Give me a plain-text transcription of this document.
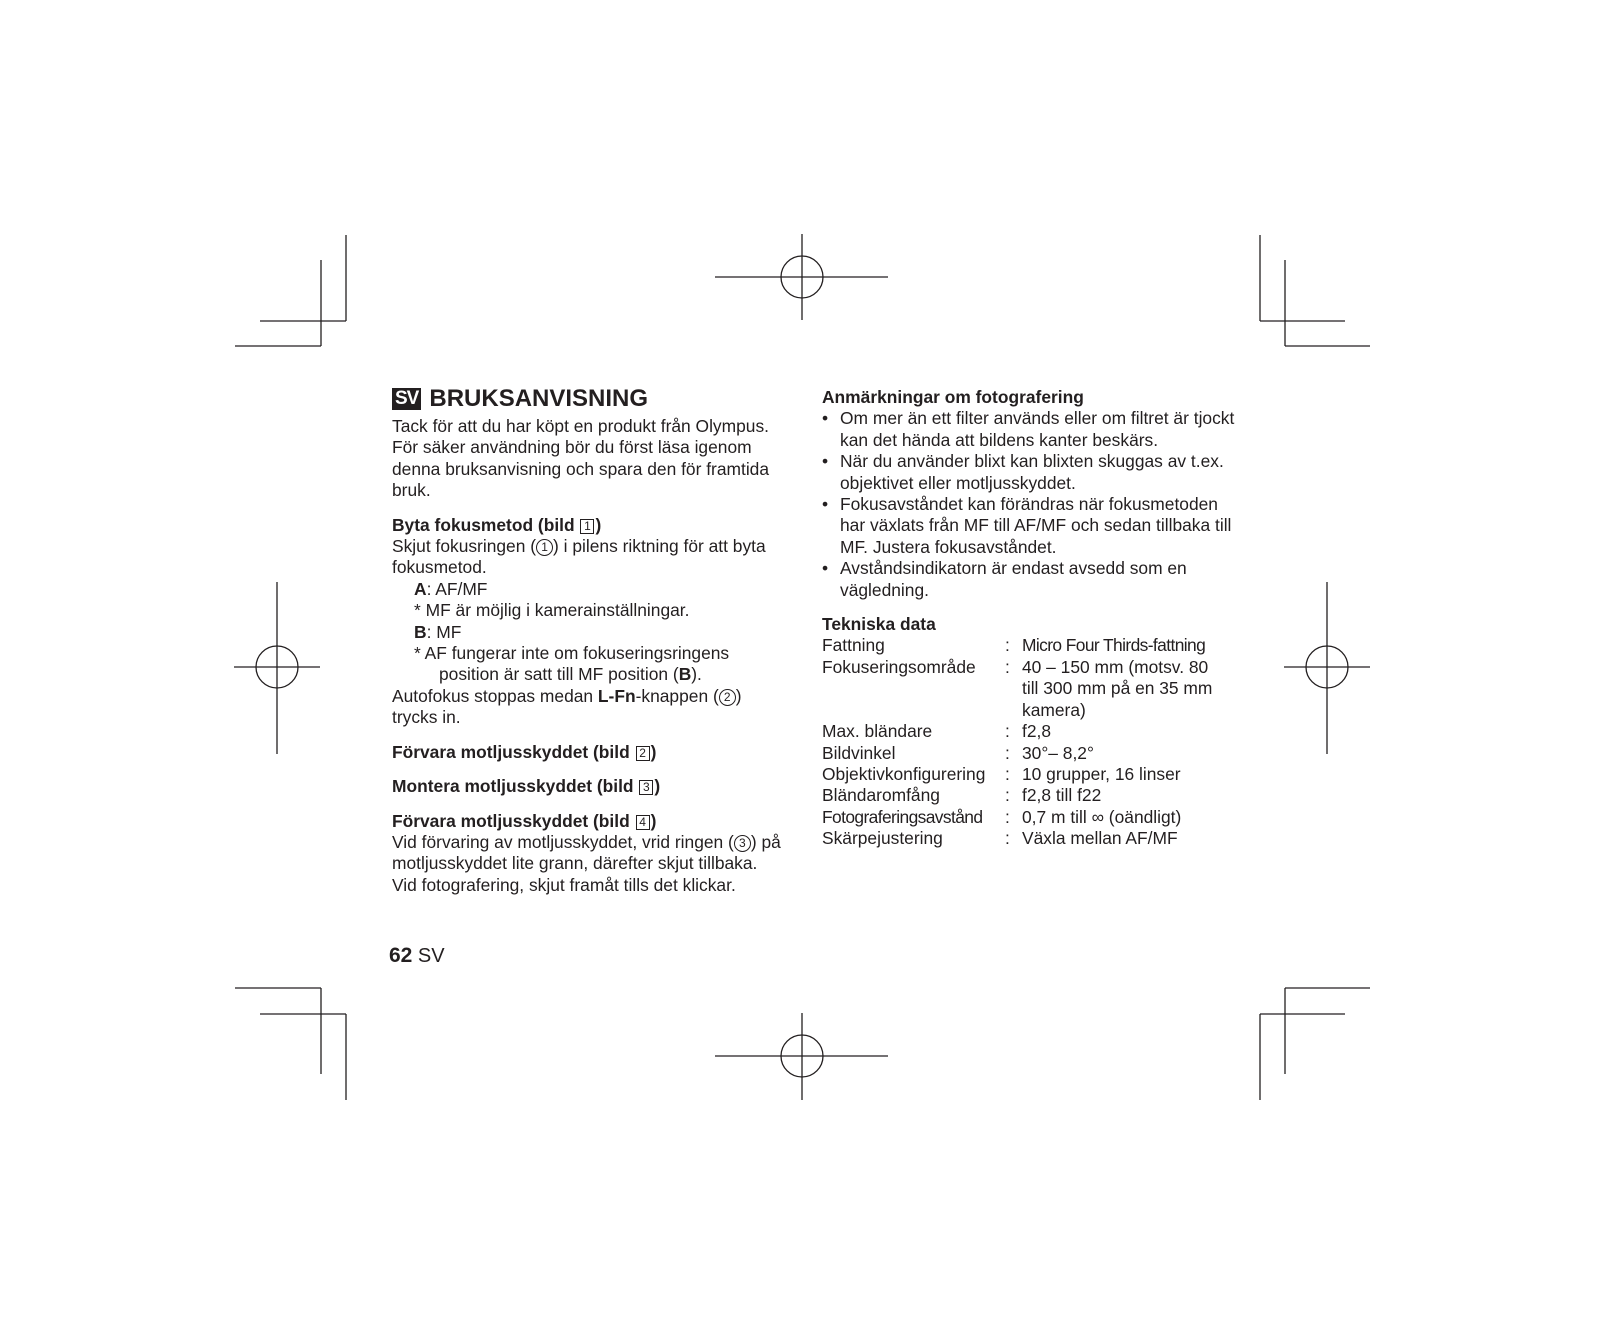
SV BRUKSANVISNING

Tack för att du har köpt en produkt från Olympus. För säker användning bör du först läsa igenom denna bruksanvisning och spara den för framtida bruk.

Byta fokusmetod (bild 1 )

Skjut fokusringen ( 1 ) i pilens riktning för att byta fokusmetod.

A: AF/MF

* MF är möjlig i kamerainställningar.

B: MF

* AF fungerar inte om fokuseringsringens

position är satt till MF position (B).

Autofokus stoppas medan L-Fn-knappen ( 2 ) trycks in.

Förvara motljusskyddet (bild 2 )

Montera motljusskyddet (bild 3 )

Förvara motljusskyddet (bild 4 )

Vid förvaring av motljusskyddet, vrid ringen ( 3 ) på motljusskyddet lite grann, därefter skjut tillbaka.

Vid fotografering, skjut framåt tills det klickar.

Anmärkningar om fotografering

• Om mer än ett filter används eller om filtret är tjockt kan det hända att bildens kanter beskärs.
• När du använder blixt kan blixten skuggas av t.ex. objektivet eller motljusskyddet.
• Fokusavståndet kan förändras när fokusmetoden har växlats från MF till AF/MF och sedan tillbaka till MF. Justera fokusavståndet.
• Avståndsindikatorn är endast avsedd som en vägledning.

Tekniska data

Fattning	:	Micro Four Thirds-fattning
Fokuseringsområde	:	40 – 150 mm (motsv. 80 till 300 mm på en 35 mm kamera)
Max. bländare	:	f2,8
Bildvinkel	:	30°– 8,2°
Objektivkonfigurering	:	10 grupper, 16 linser
Bländaromfång	:	f2,8 till f22
Fotograferingsavstånd	:	0,7 m till ∞ (oändligt)
Skärpejustering	:	Växla mellan AF/MF
62 SV
